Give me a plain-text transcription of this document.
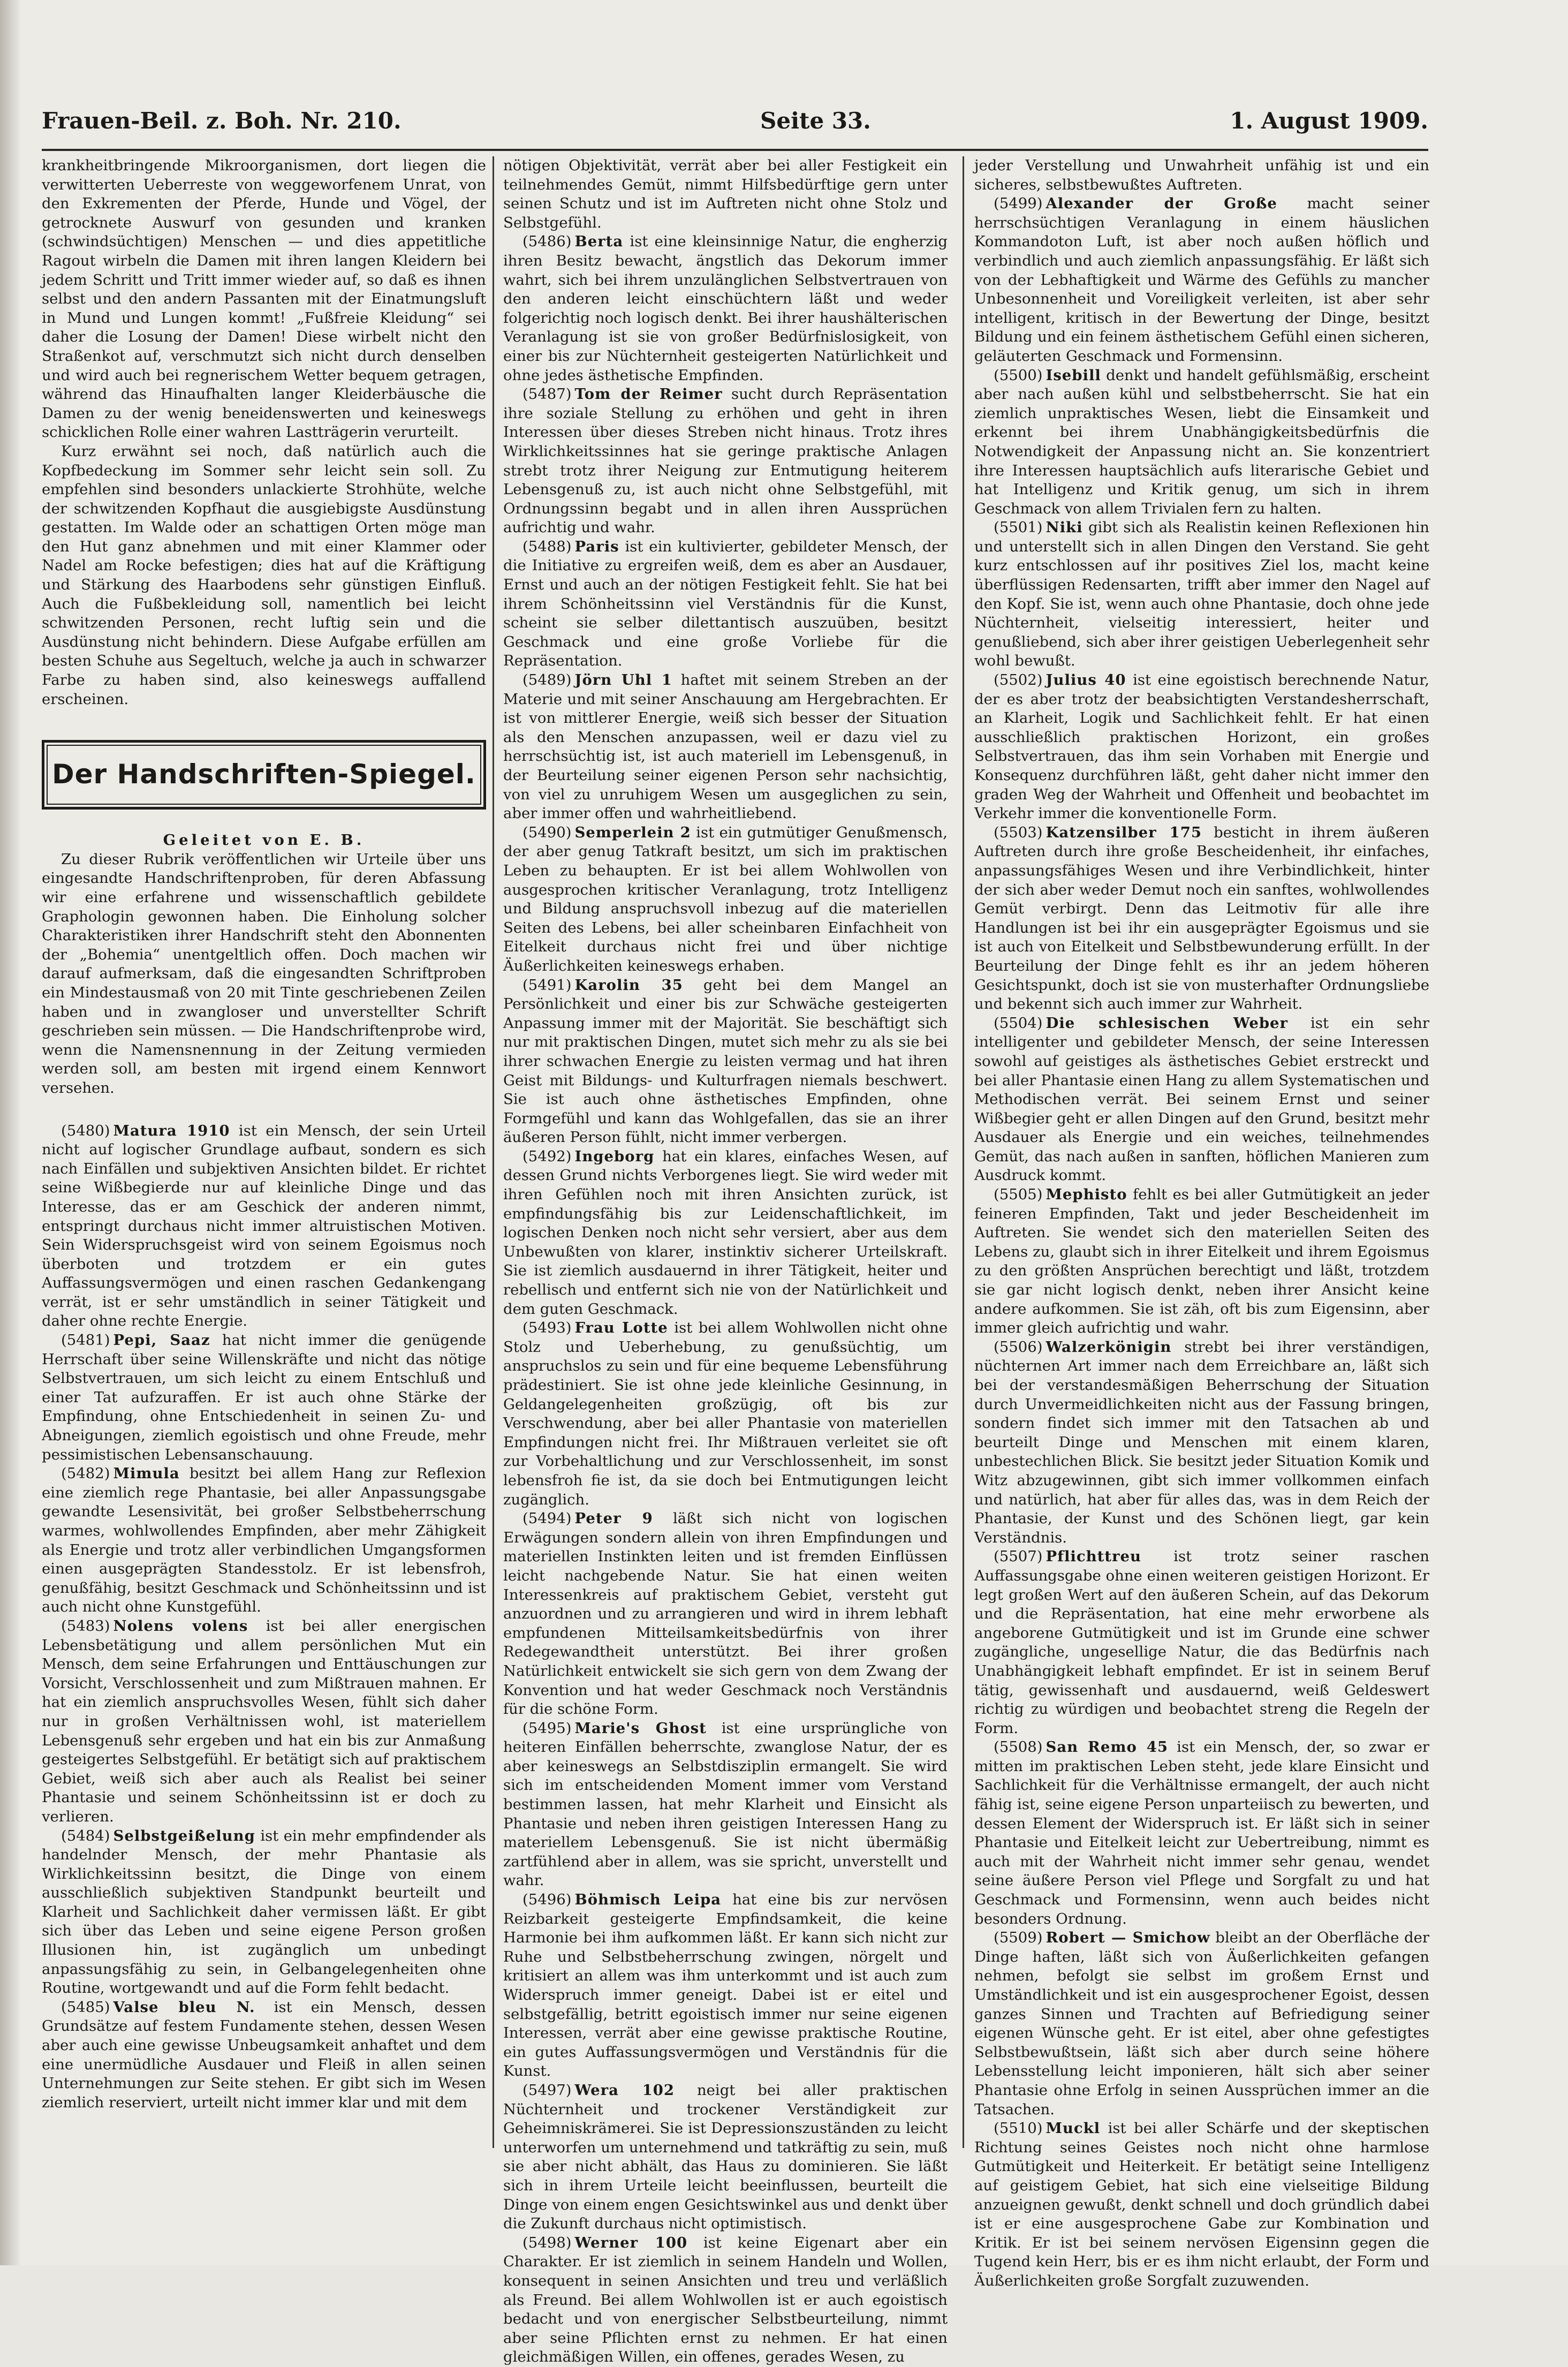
Frauen-Beil. z. Boh. Nr. 210.	Seite 33.	1. August 1909.

krankheitbringende Mikroorganismen, dort liegen die verwitterten Ueberreste von weggeworfenem Unrat, von den Exkrementen der Pferde, Hunde und Vögel, der getrocknete Auswurf von gesunden und kranken (schwindsüchtigen) Menschen — und dies appetitliche Ragout wirbeln die Damen mit ihren langen Kleidern bei jedem Schritt und Tritt immer wieder auf, so daß es ihnen selbst und den andern Passanten mit der Einatmungsluft in Mund und Lungen kommt! „Fußfreie Kleidung“ sei daher die Losung der Damen! Diese wirbelt nicht den Straßenkot auf, verschmutzt sich nicht durch denselben und wird auch bei regnerischem Wetter bequem getragen, während das Hinaufhalten langer Kleiderbäusche die Damen zu der wenig beneidenswerten und keineswegs schicklichen Rolle einer wahren Lastträgerin verurteilt.

Kurz erwähnt sei noch, daß natürlich auch die Kopfbedeckung im Sommer sehr leicht sein soll. Zu empfehlen sind besonders unlackierte Strohhüte, welche der schwitzenden Kopfhaut die ausgiebigste Ausdünstung gestatten. Im Walde oder an schattigen Orten möge man den Hut ganz abnehmen und mit einer Klammer oder Nadel am Rocke befestigen; dies hat auf die Kräftigung und Stärkung des Haarbodens sehr günstigen Einfluß. Auch die Fußbekleidung soll, namentlich bei leicht schwitzenden Personen, recht luftig sein und die Ausdünstung nicht behindern. Diese Aufgabe erfüllen am besten Schuhe aus Segeltuch, welche ja auch in schwarzer Farbe zu haben sind, also keineswegs auffallend erscheinen.

Der Handschriften-Spiegel.

Geleitet von E. B.

Zu dieser Rubrik veröffentlichen wir Urteile über uns eingesandte Handschriftenproben, für deren Abfassung wir eine erfahrene und wissenschaftlich gebildete Graphologin gewonnen haben. Die Einholung solcher Charakteristiken ihrer Handschrift steht den Abonnenten der „Bohemia“ unentgeltlich offen. Doch machen wir darauf aufmerksam, daß die eingesandten Schriftproben ein Mindestausmaß von 20 mit Tinte geschriebenen Zeilen haben und in zwangloser und unverstellter Schrift geschrieben sein müssen. — Die Handschriftenprobe wird, wenn die Namensnennung in der Zeitung vermieden werden soll, am besten mit irgend einem Kennwort versehen.

(5480) Matura 1910 ist ein Mensch, der sein Urteil nicht auf logischer Grundlage aufbaut, sondern es sich nach Einfällen und subjektiven Ansichten bildet. Er richtet seine Wißbegierde nur auf kleinliche Dinge und das Interesse, das er am Geschick der anderen nimmt, entspringt durchaus nicht immer altruistischen Motiven. Sein Widerspruchsgeist wird von seinem Egoismus noch überboten und trotzdem er ein gutes Auffassungsvermögen und einen raschen Gedankengang verrät, ist er sehr umständlich in seiner Tätigkeit und daher ohne rechte Energie.

(5481) Pepi, Saaz hat nicht immer die genügende Herrschaft über seine Willenskräfte und nicht das nötige Selbstvertrauen, um sich leicht zu einem Entschluß und einer Tat aufzuraffen. Er ist auch ohne Stärke der Empfindung, ohne Entschiedenheit in seinen Zu- und Abneigungen, ziemlich egoistisch und ohne Freude, mehr pessimistischen Lebensanschauung.

(5482) Mimula besitzt bei allem Hang zur Reflexion eine ziemlich rege Phantasie, bei aller Anpassungsgabe gewandte Lesensivität, bei großer Selbstbeherrschung warmes, wohlwollendes Empfinden, aber mehr Zähigkeit als Energie und trotz aller verbindlichen Umgangsformen einen ausgeprägten Standesstolz. Er ist lebensfroh, genußfähig, besitzt Geschmack und Schönheitssinn und ist auch nicht ohne Kunstgefühl.

(5483) Nolens volens ist bei aller energischen Lebensbetätigung und allem persönlichen Mut ein Mensch, dem seine Erfahrungen und Enttäuschungen zur Vorsicht, Verschlossenheit und zum Mißtrauen mahnen. Er hat ein ziemlich anspruchsvolles Wesen, fühlt sich daher nur in großen Verhältnissen wohl, ist materiellem Lebensgenuß sehr ergeben und hat ein bis zur Anmaßung gesteigertes Selbstgefühl. Er betätigt sich auf praktischem Gebiet, weiß sich aber auch als Realist bei seiner Phantasie und seinem Schönheitssinn ist er doch zu verlieren.

(5484) Selbstgeißelung ist ein mehr empfindender als handelnder Mensch, der mehr Phantasie als Wirklichkeitssinn besitzt, die Dinge von einem ausschließlich subjektiven Standpunkt beurteilt und Klarheit und Sachlichkeit daher vermissen läßt. Er gibt sich über das Leben und seine eigene Person großen Illusionen hin, ist zugänglich um unbedingt anpassungsfähig zu sein, in Gelbangelegenheiten ohne Routine, wortgewandt und auf die Form fehlt bedacht.

(5485) Valse bleu N. ist ein Mensch, dessen Grundsätze auf festem Fundamente stehen, dessen Wesen aber auch eine gewisse Unbeugsamkeit anhaftet und dem eine unermüdliche Ausdauer und Fleiß in allen seinen Unternehmungen zur Seite stehen. Er gibt sich im Wesen ziemlich reserviert, urteilt nicht immer klar und mit dem

nötigen Objektivität, verrät aber bei aller Festigkeit ein teilnehmendes Gemüt, nimmt Hilfsbedürftige gern unter seinen Schutz und ist im Auftreten nicht ohne Stolz und Selbstgefühl.

(5486) Berta ist eine kleinsinnige Natur, die engherzig ihren Besitz bewacht, ängstlich das Dekorum immer wahrt, sich bei ihrem unzulänglichen Selbstvertrauen von den anderen leicht einschüchtern läßt und weder folgerichtig noch logisch denkt. Bei ihrer haushälterischen Veranlagung ist sie von großer Bedürfnislosigkeit, von einer bis zur Nüchternheit gesteigerten Natürlichkeit und ohne jedes ästhetische Empfinden.

(5487) Tom der Reimer sucht durch Repräsentation ihre soziale Stellung zu erhöhen und geht in ihren Interessen über dieses Streben nicht hinaus. Trotz ihres Wirklichkeitssinnes hat sie geringe praktische Anlagen strebt trotz ihrer Neigung zur Entmutigung heiterem Lebensgenuß zu, ist auch nicht ohne Selbstgefühl, mit Ordnungssinn begabt und in allen ihren Aussprüchen aufrichtig und wahr.

(5488) Paris ist ein kultivierter, gebildeter Mensch, der die Initiative zu ergreifen weiß, dem es aber an Ausdauer, Ernst und auch an der nötigen Festigkeit fehlt. Sie hat bei ihrem Schönheitssinn viel Verständnis für die Kunst, scheint sie selber dilettantisch auszuüben, besitzt Geschmack und eine große Vorliebe für die Repräsentation.

(5489) Jörn Uhl 1 haftet mit seinem Streben an der Materie und mit seiner Anschauung am Hergebrachten. Er ist von mittlerer Energie, weiß sich besser der Situation als den Menschen anzupassen, weil er dazu viel zu herrschsüchtig ist, ist auch materiell im Lebensgenuß, in der Beurteilung seiner eigenen Person sehr nachsichtig, von viel zu unruhigem Wesen um ausgeglichen zu sein, aber immer offen und wahrheitliebend.

(5490) Semperlein 2 ist ein gutmütiger Genußmensch, der aber genug Tatkraft besitzt, um sich im praktischen Leben zu behaupten. Er ist bei allem Wohlwollen von ausgesprochen kritischer Veranlagung, trotz Intelligenz und Bildung anspruchsvoll inbezug auf die materiellen Seiten des Lebens, bei aller scheinbaren Einfachheit von Eitelkeit durchaus nicht frei und über nichtige Äußerlichkeiten keineswegs erhaben.

(5491) Karolin 35 geht bei dem Mangel an Persönlichkeit und einer bis zur Schwäche gesteigerten Anpassung immer mit der Majorität. Sie beschäftigt sich nur mit praktischen Dingen, mutet sich mehr zu als sie bei ihrer schwachen Energie zu leisten vermag und hat ihren Geist mit Bildungs- und Kulturfragen niemals beschwert. Sie ist auch ohne ästhetisches Empfinden, ohne Formgefühl und kann das Wohlgefallen, das sie an ihrer äußeren Person fühlt, nicht immer verbergen.

(5492) Ingeborg hat ein klares, einfaches Wesen, auf dessen Grund nichts Verborgenes liegt. Sie wird weder mit ihren Gefühlen noch mit ihren Ansichten zurück, ist empfindungsfähig bis zur Leidenschaftlichkeit, im logischen Denken noch nicht sehr versiert, aber aus dem Unbewußten von klarer, instinktiv sicherer Urteilskraft. Sie ist ziemlich ausdauernd in ihrer Tätigkeit, heiter und rebellisch und entfernt sich nie von der Natürlichkeit und dem guten Geschmack.

(5493) Frau Lotte ist bei allem Wohlwollen nicht ohne Stolz und Ueberhebung, zu genußsüchtig, um anspruchslos zu sein und für eine bequeme Lebensführung prädestiniert. Sie ist ohne jede kleinliche Gesinnung, in Geldangelegenheiten großzügig, oft bis zur Verschwendung, aber bei aller Phantasie von materiellen Empfindungen nicht frei. Ihr Mißtrauen verleitet sie oft zur Vorbehaltlichung und zur Verschlossenheit, im sonst lebensfroh fie ist, da sie doch bei Entmutigungen leicht zugänglich.

(5494) Peter 9 läßt sich nicht von logischen Erwägungen sondern allein von ihren Empfindungen und materiellen Instinkten leiten und ist fremden Einflüssen leicht nachgebende Natur. Sie hat einen weiten Interessenkreis auf praktischem Gebiet, versteht gut anzuordnen und zu arrangieren und wird in ihrem lebhaft empfundenen Mitteilsamkeitsbedürfnis von ihrer Redegewandtheit unterstützt. Bei ihrer großen Natürlichkeit entwickelt sie sich gern von dem Zwang der Konvention und hat weder Geschmack noch Verständnis für die schöne Form.

(5495) Marie's Ghost ist eine ursprüngliche von heiteren Einfällen beherrschte, zwanglose Natur, der es aber keineswegs an Selbstdisziplin ermangelt. Sie wird sich im entscheidenden Moment immer vom Verstand bestimmen lassen, hat mehr Klarheit und Einsicht als Phantasie und neben ihren geistigen Interessen Hang zu materiellem Lebensgenuß. Sie ist nicht übermäßig zartfühlend aber in allem, was sie spricht, unverstellt und wahr.

(5496) Böhmisch Leipa hat eine bis zur nervösen Reizbarkeit gesteigerte Empfindsamkeit, die keine Harmonie bei ihm aufkommen läßt. Er kann sich nicht zur Ruhe und Selbstbeherrschung zwingen, nörgelt und kritisiert an allem was ihm unterkommt und ist auch zum Widerspruch immer geneigt. Dabei ist er eitel und selbstgefällig, betritt egoistisch immer nur seine eigenen Interessen, verrät aber eine gewisse praktische Routine, ein gutes Auffassungsvermögen und Verständnis für die Kunst.

(5497) Wera 102 neigt bei aller praktischen Nüchternheit und trockener Verständigkeit zur Geheimniskrämerei. Sie ist Depressionszuständen zu leicht unterworfen um unternehmend und tatkräftig zu sein, muß sie aber nicht abhält, das Haus zu dominieren. Sie läßt sich in ihrem Urteile leicht beeinflussen, beurteilt die Dinge von einem engen Gesichtswinkel aus und denkt über die Zukunft durchaus nicht optimistisch.

(5498) Werner 100 ist keine Eigenart aber ein Charakter. Er ist ziemlich in seinem Handeln und Wollen, konsequent in seinen Ansichten und treu und verläßlich als Freund. Bei allem Wohlwollen ist er auch egoistisch bedacht und von energischer Selbstbeurteilung, nimmt aber seine Pflichten ernst zu nehmen. Er hat einen gleichmäßigen Willen, ein offenes, gerades Wesen, zu

jeder Verstellung und Unwahrheit unfähig ist und ein sicheres, selbstbewußtes Auftreten.

(5499) Alexander der Große macht seiner herrschsüchtigen Veranlagung in einem häuslichen Kommandoton Luft, ist aber noch außen höflich und verbindlich und auch ziemlich anpassungsfähig. Er läßt sich von der Lebhaftigkeit und Wärme des Gefühls zu mancher Unbesonnenheit und Voreiligkeit verleiten, ist aber sehr intelligent, kritisch in der Bewertung der Dinge, besitzt Bildung und ein feinem ästhetischem Gefühl einen sicheren, geläuterten Geschmack und Formensinn.

(5500) Isebill denkt und handelt gefühlsmäßig, erscheint aber nach außen kühl und selbstbeherrscht. Sie hat ein ziemlich unpraktisches Wesen, liebt die Einsamkeit und erkennt bei ihrem Unabhängigkeitsbedürfnis die Notwendigkeit der Anpassung nicht an. Sie konzentriert ihre Interessen hauptsächlich aufs literarische Gebiet und hat Intelligenz und Kritik genug, um sich in ihrem Geschmack von allem Trivialen fern zu halten.

(5501) Niki gibt sich als Realistin keinen Reflexionen hin und unterstellt sich in allen Dingen den Verstand. Sie geht kurz entschlossen auf ihr positives Ziel los, macht keine überflüssigen Redensarten, trifft aber immer den Nagel auf den Kopf. Sie ist, wenn auch ohne Phantasie, doch ohne jede Nüchternheit, vielseitig interessiert, heiter und genußliebend, sich aber ihrer geistigen Ueberlegenheit sehr wohl bewußt.

(5502) Julius 40 ist eine egoistisch berechnende Natur, der es aber trotz der beabsichtigten Verstandesherrschaft, an Klarheit, Logik und Sachlichkeit fehlt. Er hat einen ausschließlich praktischen Horizont, ein großes Selbstvertrauen, das ihm sein Vorhaben mit Energie und Konsequenz durchführen läßt, geht daher nicht immer den graden Weg der Wahrheit und Offenheit und beobachtet im Verkehr immer die konventionelle Form.

(5503) Katzensilber 175 besticht in ihrem äußeren Auftreten durch ihre große Bescheidenheit, ihr einfaches, anpassungsfähiges Wesen und ihre Verbindlichkeit, hinter der sich aber weder Demut noch ein sanftes, wohlwollendes Gemüt verbirgt. Denn das Leitmotiv für alle ihre Handlungen ist bei ihr ein ausgeprägter Egoismus und sie ist auch von Eitelkeit und Selbstbewunderung erfüllt. In der Beurteilung der Dinge fehlt es ihr an jedem höheren Gesichtspunkt, doch ist sie von musterhafter Ordnungsliebe und bekennt sich auch immer zur Wahrheit.

(5504) Die schlesischen Weber ist ein sehr intelligenter und gebildeter Mensch, der seine Interessen sowohl auf geistiges als ästhetisches Gebiet erstreckt und bei aller Phantasie einen Hang zu allem Systematischen und Methodischen verrät. Bei seinem Ernst und seiner Wißbegier geht er allen Dingen auf den Grund, besitzt mehr Ausdauer als Energie und ein weiches, teilnehmendes Gemüt, das nach außen in sanften, höflichen Manieren zum Ausdruck kommt.

(5505) Mephisto fehlt es bei aller Gutmütigkeit an jeder feineren Empfinden, Takt und jeder Bescheidenheit im Auftreten. Sie wendet sich den materiellen Seiten des Lebens zu, glaubt sich in ihrer Eitelkeit und ihrem Egoismus zu den größten Ansprüchen berechtigt und läßt, trotzdem sie gar nicht logisch denkt, neben ihrer Ansicht keine andere aufkommen. Sie ist zäh, oft bis zum Eigensinn, aber immer gleich aufrichtig und wahr.

(5506) Walzerkönigin strebt bei ihrer verständigen, nüchternen Art immer nach dem Erreichbare an, läßt sich bei der verstandesmäßigen Beherrschung der Situation durch Unvermeidlichkeiten nicht aus der Fassung bringen, sondern findet sich immer mit den Tatsachen ab und beurteilt Dinge und Menschen mit einem klaren, unbestechlichen Blick. Sie besitzt jeder Situation Komik und Witz abzugewinnen, gibt sich immer vollkommen einfach und natürlich, hat aber für alles das, was in dem Reich der Phantasie, der Kunst und des Schönen liegt, gar kein Verständnis.

(5507) Pflichttreu ist trotz seiner raschen Auffassungsgabe ohne einen weiteren geistigen Horizont. Er legt großen Wert auf den äußeren Schein, auf das Dekorum und die Repräsentation, hat eine mehr erworbene als angeborene Gutmütigkeit und ist im Grunde eine schwer zugängliche, ungesellige Natur, die das Bedürfnis nach Unabhängigkeit lebhaft empfindet. Er ist in seinem Beruf tätig, gewissenhaft und ausdauernd, weiß Geldeswert richtig zu würdigen und beobachtet streng die Regeln der Form.

(5508) San Remo 45 ist ein Mensch, der, so zwar er mitten im praktischen Leben steht, jede klare Einsicht und Sachlichkeit für die Verhältnisse ermangelt, der auch nicht fähig ist, seine eigene Person unparteiisch zu bewerten, und dessen Element der Widerspruch ist. Er läßt sich in seiner Phantasie und Eitelkeit leicht zur Uebertreibung, nimmt es auch mit der Wahrheit nicht immer sehr genau, wendet seine äußere Person viel Pflege und Sorgfalt zu und hat Geschmack und Formensinn, wenn auch beides nicht besonders Ordnung.

(5509) Robert — Smichow bleibt an der Oberfläche der Dinge haften, läßt sich von Äußerlichkeiten gefangen nehmen, befolgt sie selbst im großem Ernst und Umständlichkeit und ist ein ausgesprochener Egoist, dessen ganzes Sinnen und Trachten auf Befriedigung seiner eigenen Wünsche geht. Er ist eitel, aber ohne gefestigtes Selbstbewußtsein, läßt sich aber durch seine höhere Lebensstellung leicht imponieren, hält sich aber seiner Phantasie ohne Erfolg in seinen Aussprüchen immer an die Tatsachen.

(5510) Muckl ist bei aller Schärfe und der skeptischen Richtung seines Geistes noch nicht ohne harmlose Gutmütigkeit und Heiterkeit. Er betätigt seine Intelligenz auf geistigem Gebiet, hat sich eine vielseitige Bildung anzueignen gewußt, denkt schnell und doch gründlich dabei ist er eine ausgesprochene Gabe zur Kombination und Kritik. Er ist bei seinem nervösen Eigensinn gegen die Tugend kein Herr, bis er es ihm nicht erlaubt, der Form und Äußerlichkeiten große Sorgfalt zuzuwenden.
